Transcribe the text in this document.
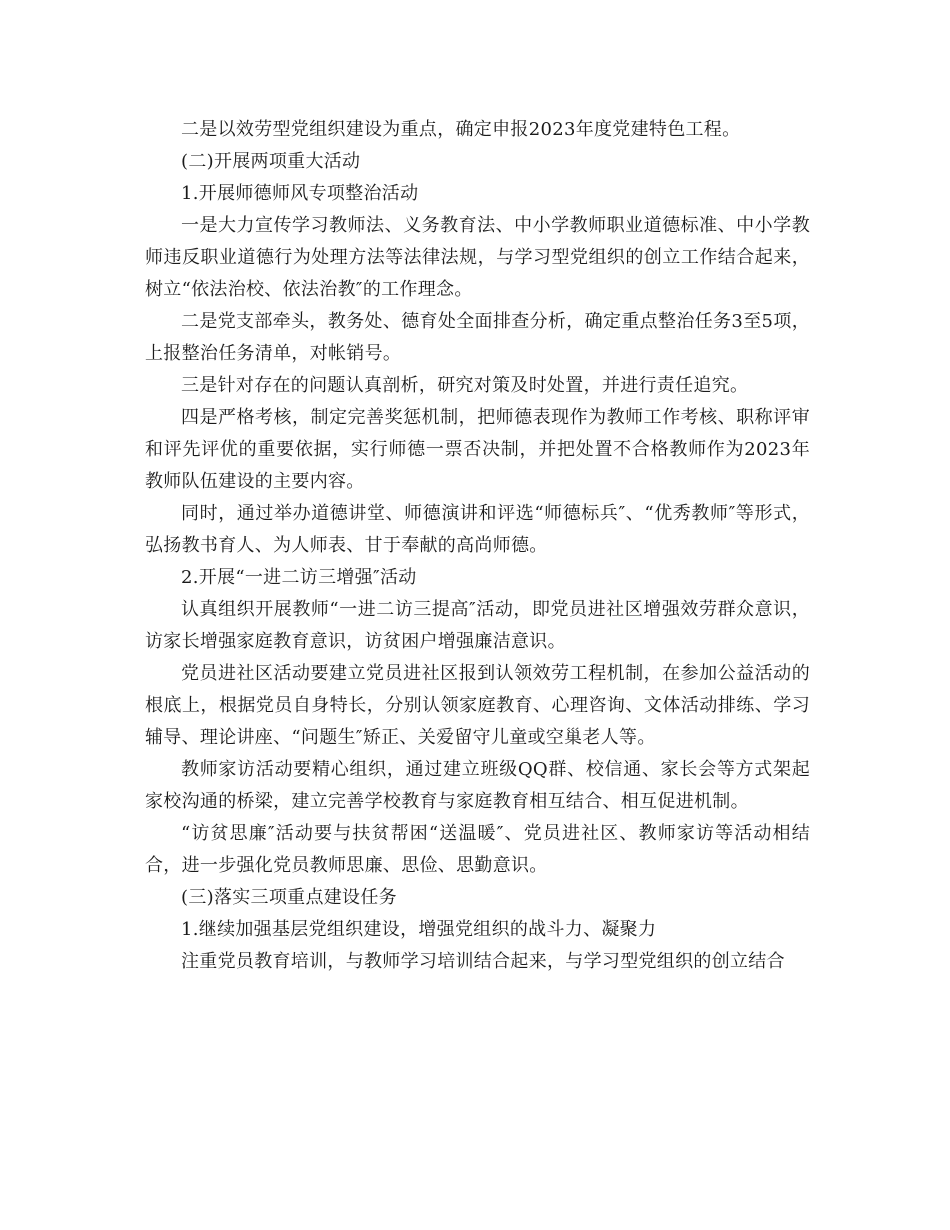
二是以效劳型党组织建设为重点，确定申报2023年度党建特色工程。

(二)开展两项重大活动

1.开展师德师风专项整治活动

一是大力宣传学习教师法、义务教育法、中小学教师职业道德标准、中小学教师违反职业道德行为处理方法等法律法规，与学习型党组织的创立工作结合起来，树立“依法治校、依法治教″的工作理念。

二是党支部牵头，教务处、德育处全面排查分析，确定重点整治任务3至5项，上报整治任务清单，对帐销号。

三是针对存在的问题认真剖析，研究对策及时处置，并进行责任追究。

四是严格考核，制定完善奖惩机制，把师德表现作为教师工作考核、职称评审和评先评优的重要依据，实行师德一票否决制，并把处置不合格教师作为2023年教师队伍建设的主要内容。

同时，通过举办道德讲堂、师德演讲和评选“师德标兵″、“优秀教师″等形式，弘扬教书育人、为人师表、甘于奉献的高尚师德。

2.开展“一进二访三增强″活动

认真组织开展教师“一进二访三提高″活动，即党员进社区增强效劳群众意识，访家长增强家庭教育意识，访贫困户增强廉洁意识。

党员进社区活动要建立党员进社区报到认领效劳工程机制，在参加公益活动的根底上，根据党员自身特长，分别认领家庭教育、心理咨询、文体活动排练、学习辅导、理论讲座、“问题生″矫正、关爱留守儿童或空巢老人等。

教师家访活动要精心组织，通过建立班级QQ群、校信通、家长会等方式架起家校沟通的桥梁，建立完善学校教育与家庭教育相互结合、相互促进机制。

“访贫思廉″活动要与扶贫帮困“送温暖″、党员进社区、教师家访等活动相结合，进一步强化党员教师思廉、思俭、思勤意识。

(三)落实三项重点建设任务

1.继续加强基层党组织建设，增强党组织的战斗力、凝聚力

注重党员教育培训，与教师学习培训结合起来，与学习型党组织的创立结合
